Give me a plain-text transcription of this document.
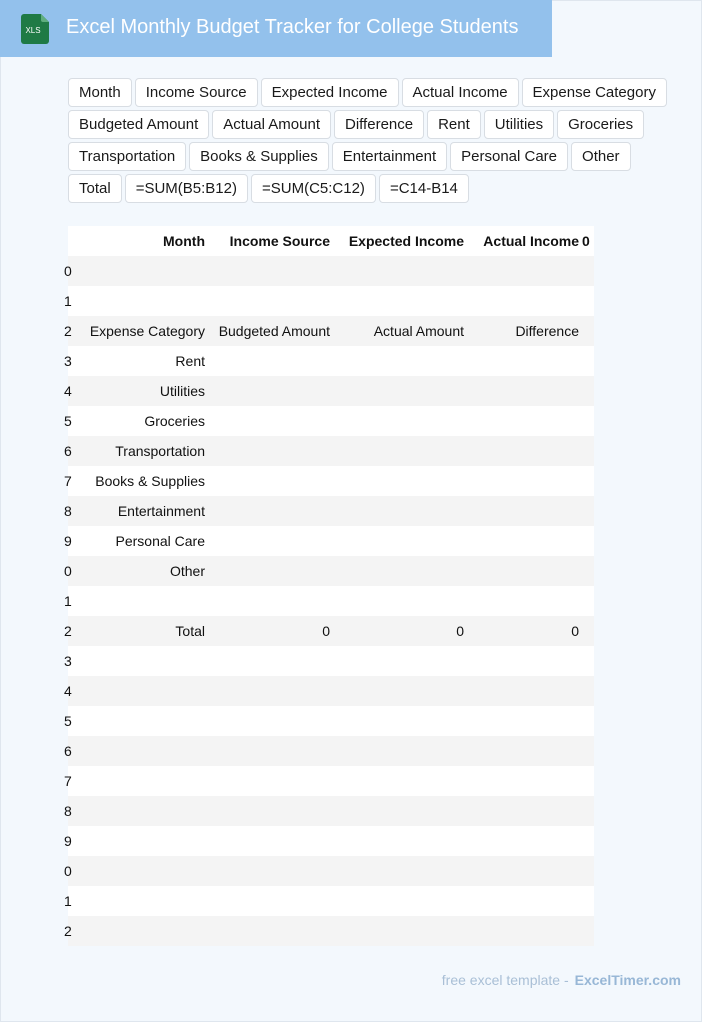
XLS Excel Monthly Budget Tracker for College Students
Month	Income Source	Expected Income	Actual Income	Expense Category
Budgeted Amount	Actual Amount	Difference	Rent	Utilities	Groceries
Transportation	Books & Supplies	Entertainment	Personal Care	Other
Total	=SUM(B5:B12)	=SUM(C5:C12)	=C14-B14
	Month	Income Source	Expected Income	Actual Income	0
0					
1					
2	Expense Category	Budgeted Amount	Actual Amount	Difference	
3	Rent				
4	Utilities				
5	Groceries				
6	Transportation				
7	Books & Supplies				
8	Entertainment				
9	Personal Care				
0	Other				
1					
2	Total	0	0	0	
3					
4					
5					
6					
7					
8					
9					
0					
1					
2					
free excel template - ExcelTimer.com
